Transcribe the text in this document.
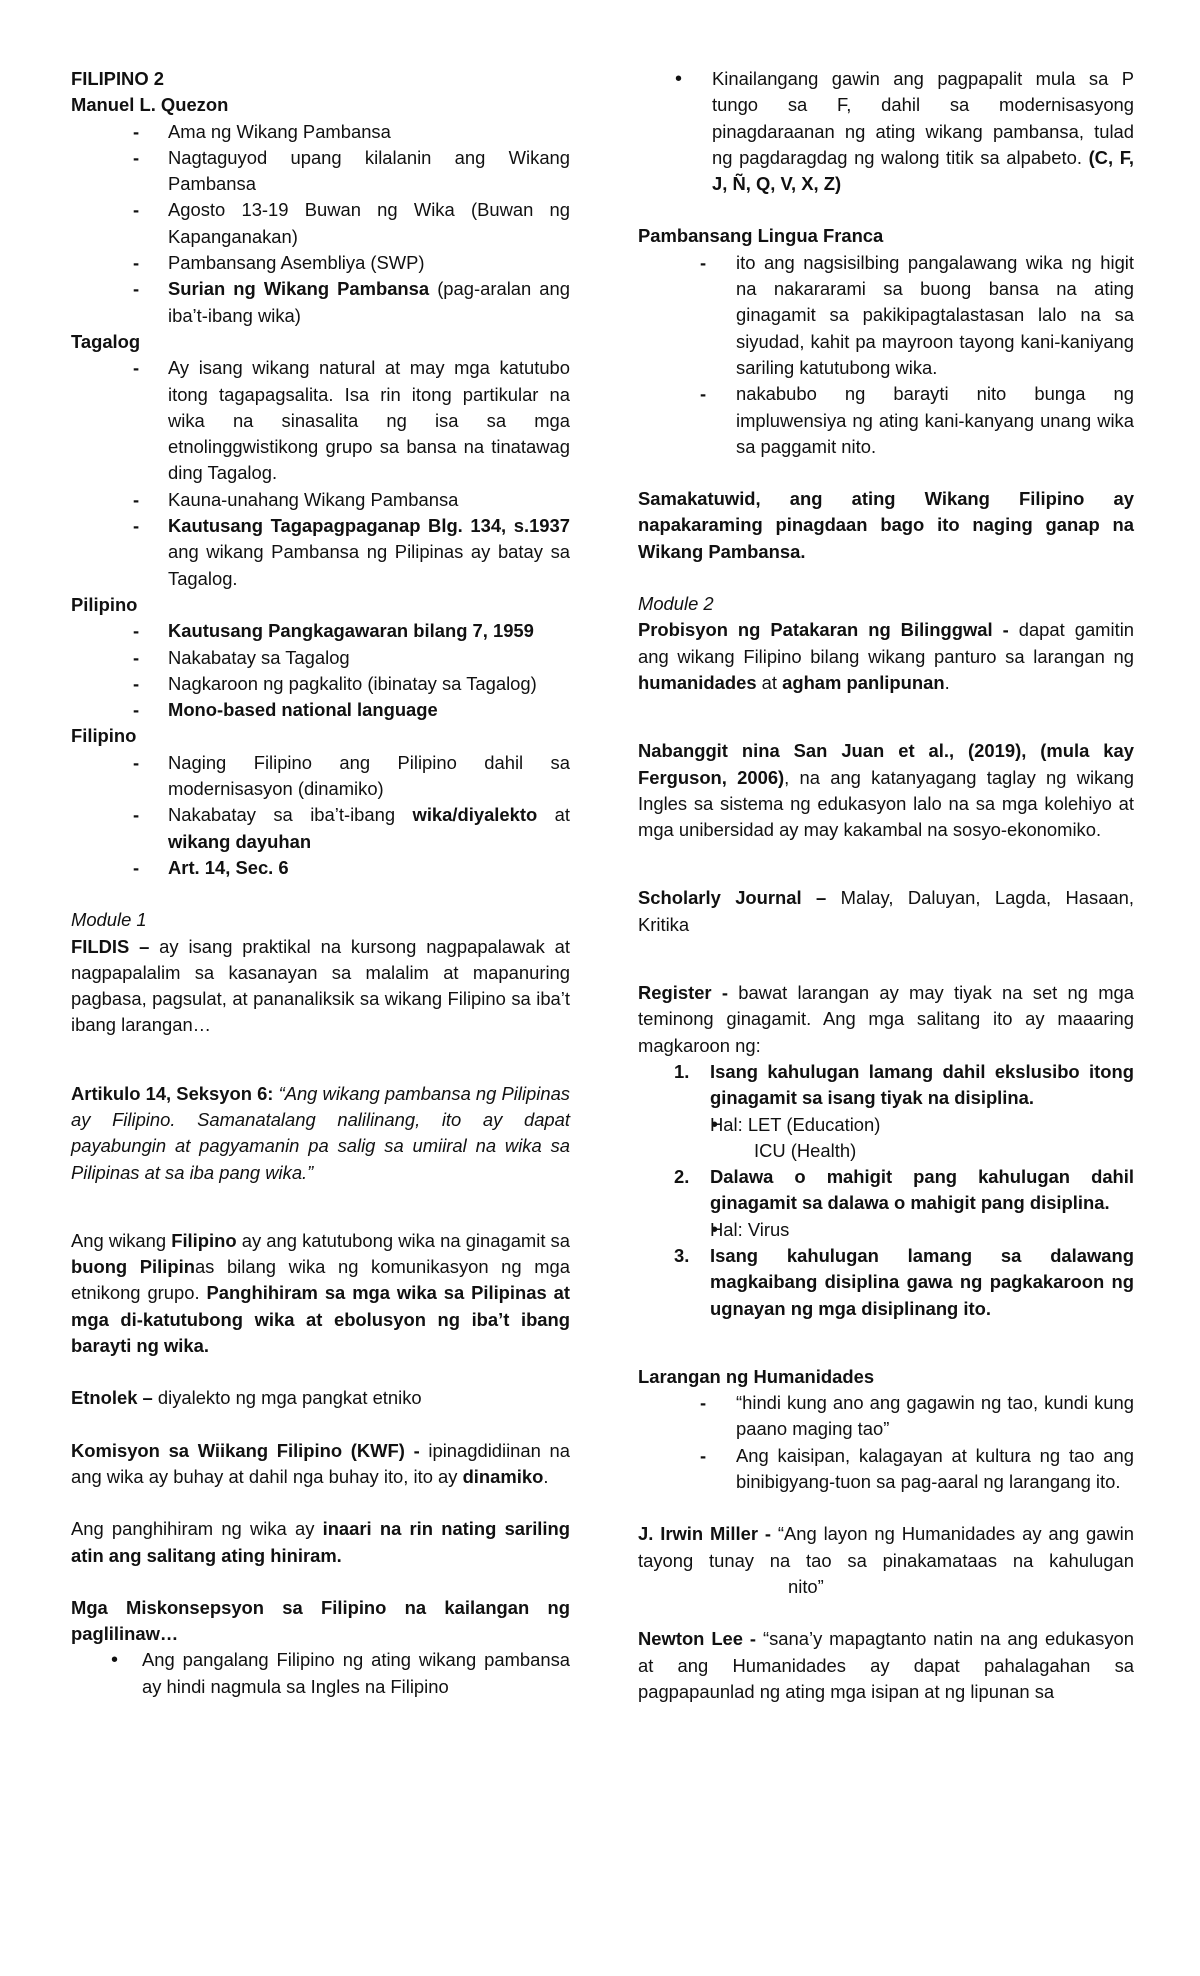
FILIPINO 2

Manuel L. Quezon

- Ama ng Wikang Pambansa
- Nagtaguyod upang kilalanin ang Wikang Pambansa
- Agosto 13-19 Buwan ng Wika (Buwan ng Kapanganakan)
- Pambansang Asembliya (SWP)
- Surian ng Wikang Pambansa (pag-aralan ang iba’t-ibang wika)

Tagalog

- Ay isang wikang natural at may mga katutubo itong tagapagsalita. Isa rin itong partikular na wika na sinasalita ng isa sa mga etnolinggwistikong grupo sa bansa na tinatawag ding Tagalog.
- Kauna-unahang Wikang Pambansa
- Kautusang Tagapagpaganap Blg. 134, s.1937 ang wikang Pambansa ng Pilipinas ay batay sa Tagalog.

Pilipino

- Kautusang Pangkagawaran bilang 7, 1959
- Nakabatay sa Tagalog
- Nagkaroon ng pagkalito (ibinatay sa Tagalog)
- Mono-based national language

Filipino

- Naging Filipino ang Pilipino dahil sa modernisasyon (dinamiko)
- Nakabatay sa iba’t-ibang wika/diyalekto at wikang dayuhan
- Art. 14, Sec. 6

Module 1

FILDIS – ay isang praktikal na kursong nagpapalawak at nagpapalalim sa kasanayan sa malalim at mapanuring pagbasa, pagsulat, at pananaliksik sa wikang Filipino sa iba’t ibang larangan…

Artikulo 14, Seksyon 6: “Ang wikang pambansa ng Pilipinas ay Filipino. Samanatalang nalilinang, ito ay dapat payabungin at pagyamanin pa salig sa umiiral na wika sa Pilipinas at sa iba pang wika.”

Ang wikang Filipino ay ang katutubong wika na ginagamit sa buong Pilipinas bilang wika ng komunikasyon ng mga etnikong grupo. Panghihiram sa mga wika sa Pilipinas at mga di-katutubong wika at ebolusyon ng iba’t ibang barayti ng wika.

Etnolek – diyalekto ng mga pangkat etniko

Komisyon sa Wiikang Filipino (KWF) - ipinagdidiinan na ang wika ay buhay at dahil nga buhay ito, ito ay dinamiko.

Ang panghihiram ng wika ay inaari na rin nating sariling atin ang salitang ating hiniram.

Mga Miskonsepsyon sa Filipino na kailangan ng paglilinaw…

• Ang pangalang Filipino ng ating wikang pambansa ay hindi nagmula sa Ingles na Filipino
• Kinailangang gawin ang pagpapalit mula sa P tungo sa F, dahil sa modernisasyong pinagdaraanan ng ating wikang pambansa, tulad ng pagdaragdag ng walong titik sa alpabeto. (C, F, J, Ñ, Q, V, X, Z)

Pambansang Lingua Franca

- ito ang nagsisilbing pangalawang wika ng higit na nakararami sa buong bansa na ating ginagamit sa pakikipagtalastasan lalo na sa siyudad, kahit pa mayroon tayong kani-kaniyang sariling katutubong wika.
- nakabubo ng barayti nito bunga ng impluwensiya ng ating kani-kanyang unang wika sa paggamit nito.

Samakatuwid, ang ating Wikang Filipino ay napakaraming pinagdaan bago ito naging ganap na Wikang Pambansa.

Module 2

Probisyon ng Patakaran ng Bilinggwal - dapat gamitin ang wikang Filipino bilang wikang panturo sa larangan ng humanidades at agham panlipunan.

Nabanggit nina San Juan et al., (2019), (mula kay Ferguson, 2006), na ang katanyagang taglay ng wikang Ingles sa sistema ng edukasyon lalo na sa mga kolehiyo at mga unibersidad ay may kakambal na sosyo-ekonomiko.

Scholarly Journal – Malay, Daluyan, Lagda, Hasaan, Kritika

Register - bawat larangan ay may tiyak na set ng mga teminong ginagamit. Ang mga salitang ito ay maaaring magkaroon ng:

1. Isang kahulugan lamang dahil ekslusibo itong ginagamit sa isang tiyak na disiplina.
• Hal: LET (Education)

ICU (Health)

2. Dalawa o mahigit pang kahulugan dahil ginagamit sa dalawa o mahigit pang disiplina.
• Hal: Virus
3. Isang kahulugan lamang sa dalawang magkaibang disiplina gawa ng pagkakaroon ng ugnayan ng mga disiplinang ito.

Larangan ng Humanidades

- “hindi kung ano ang gagawin ng tao, kundi kung paano maging tao”
- Ang kaisipan, kalagayan at kultura ng tao ang binibigyang-tuon sa pag-aaral ng larangang ito.

J. Irwin Miller - “Ang layon ng Humanidades ay ang gawin tayong tunay na tao sa pinakamataas na kahulugannito”

Newton Lee - “sana’y mapagtanto natin na ang edukasyon at ang Humanidades ay dapat pahalagahan sa pagpapaunlad ng ating mga isipan at ng lipunan sa
